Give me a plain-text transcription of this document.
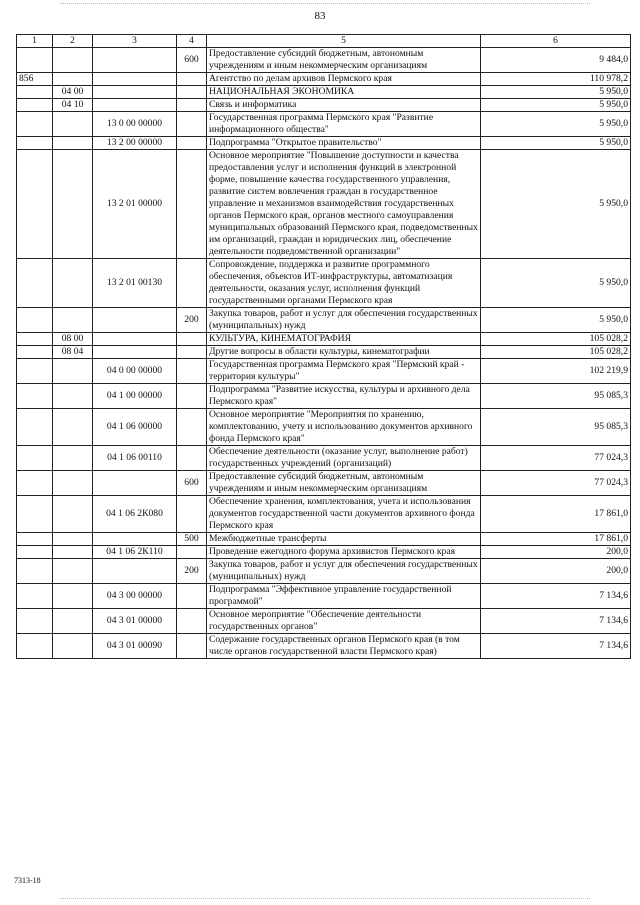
83
1	2	3	4	5	6
			600	Предоставление субсидий бюджетным, автономным учреждениям и иным некоммерческим организациям	9 484,0
856				Агентство по делам архивов Пермского края	110 978,2
	04 00			НАЦИОНАЛЬНАЯ ЭКОНОМИКА	5 950,0
	04 10			Связь и информатика	5 950,0
		13 0 00 00000		Государственная программа Пермского края "Развитие информационного общества"	5 950,0
		13 2 00 00000		Подпрограмма "Открытое правительство"	5 950,0
		13 2 01 00000		Основное мероприятие "Повышение доступности и качества предоставления услуг и исполнения функций в электронной форме, повышение качества государственного управления, развитие систем вовлечения граждан в государственное управление и механизмов взаимодействия государственных органов Пермского края, органов местного самоуправления муниципальных образований Пермского края, подведомственных им организаций, граждан и юридических лиц, обеспечение деятельности подведомственной организации"	5 950,0
		13 2 01 00130		Сопровождение, поддержка и развитие программного обеспечения, объектов ИТ-инфраструктуры, автоматизация деятельности, оказания услуг, исполнения функций государственными органами Пермского края	5 950,0
			200	Закупка товаров, работ и услуг для обеспечения государственных (муниципальных) нужд	5 950,0
	08 00			КУЛЬТУРА, КИНЕМАТОГРАФИЯ	105 028,2
	08 04			Другие вопросы в области культуры, кинематографии	105 028,2
		04 0 00 00000		Государственная программа Пермского края "Пермский край - территория культуры"	102 219,9
		04 1 00 00000		Подпрограмма "Развитие искусства, культуры и архивного дела Пермского края"	95 085,3
		04 1 06 00000		Основное мероприятие "Мероприятия по хранению, комплектованию, учету и использованию документов архивного фонда Пермского края"	95 085,3
		04 1 06 00110		Обеспечение деятельности (оказание услуг, выполнение работ) государственных учреждений (организаций)	77 024,3
			600	Предоставление субсидий бюджетным, автономным учреждениям и иным некоммерческим организациям	77 024,3
		04 1 06 2К080		Обеспечение хранения, комплектования, учета и использования документов государственной части документов архивного фонда Пермского края	17 861,0
			500	Межбюджетные трансферты	17 861,0
		04 1 06 2К110		Проведение ежегодного форума архивистов Пермского края	200,0
			200	Закупка товаров, работ и услуг для обеспечения государственных (муниципальных) нужд	200,0
		04 3 00 00000		Подпрограмма "Эффективное управление государственной программой"	7 134,6
		04 3 01 00000		Основное мероприятие "Обеспечение деятельности государственных органов"	7 134,6
		04 3 01 00090		Содержание государственных органов Пермского края (в том числе органов государственной власти Пермского края)	7 134,6
7313-18
